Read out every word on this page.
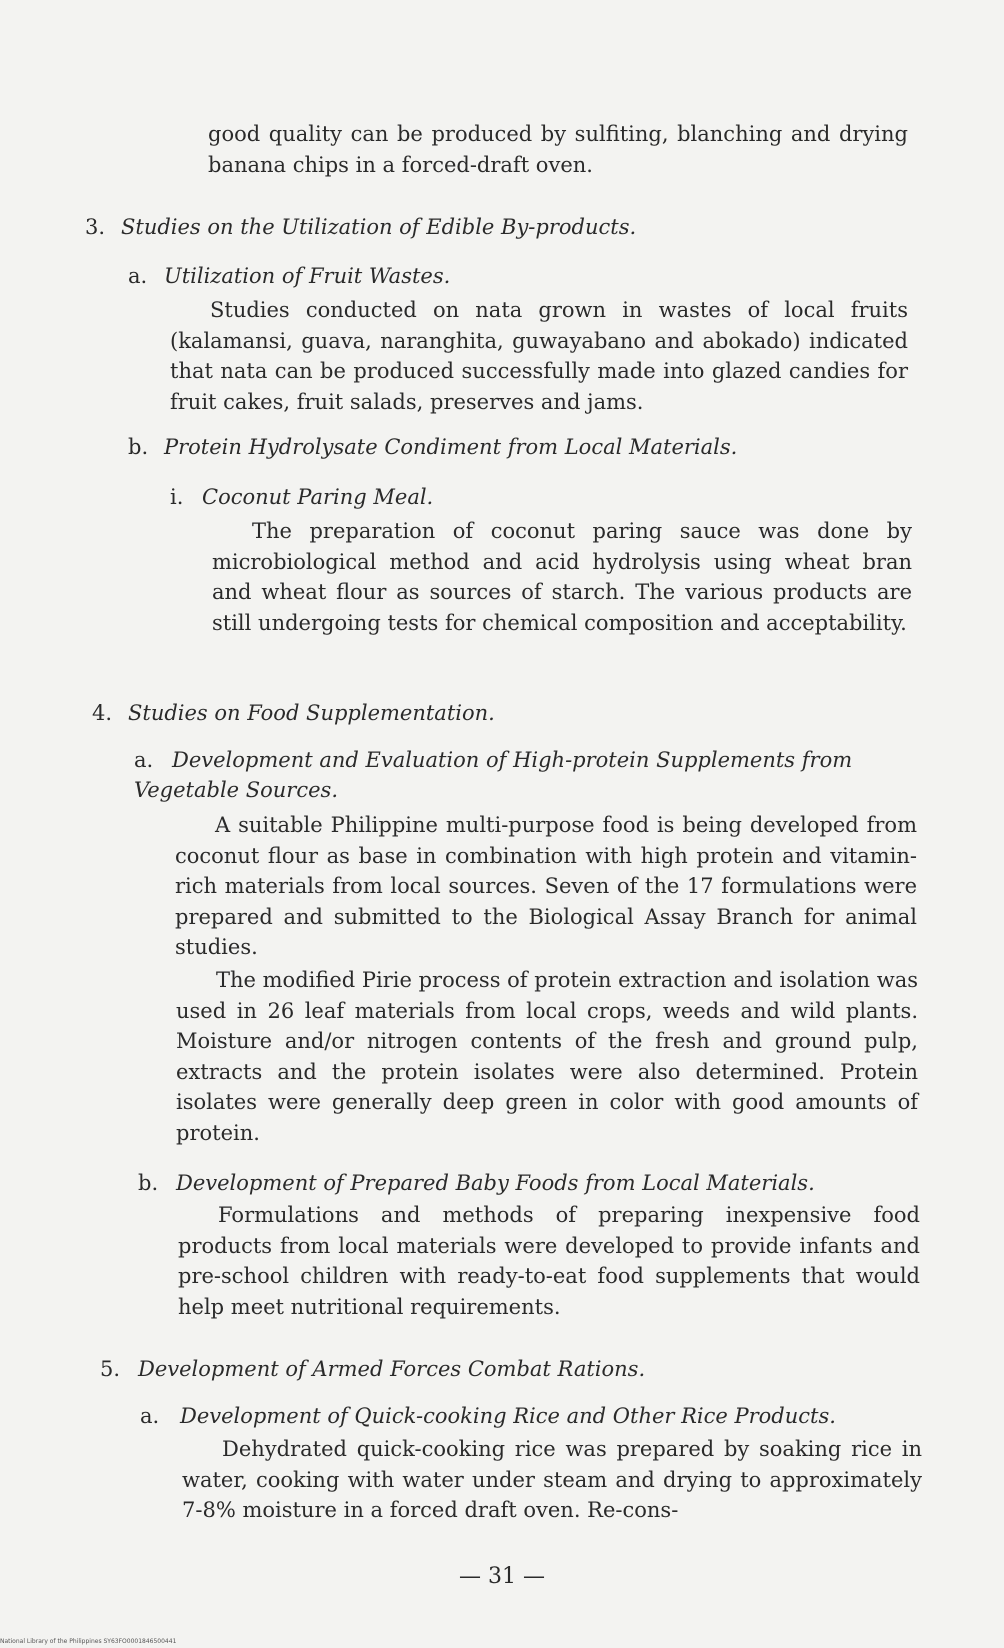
good quality can be produced by sulfiting, blanching and drying banana chips in a forced-draft oven.

3. Studies on the Utilization of Edible By-products.
a. Utilization of Fruit Wastes.

Studies conducted on nata grown in wastes of local fruits (kalamansi, guava, naranghita, guwayabano and abokado) indicated that nata can be produced successfully made into glazed candies for fruit cakes, fruit salads, preserves and jams.

b. Protein Hydrolysate Condiment from Local Materials.
i. Coconut Paring Meal.

The preparation of coconut paring sauce was done by microbiological method and acid hydrolysis using wheat bran and wheat flour as sources of starch. The various products are still undergoing tests for chemical composition and acceptability.

4. Studies on Food Supplementation.
a. Development and Evaluation of High-protein Supplements from Vegetable Sources.

A suitable Philippine multi-purpose food is being developed from coconut flour as base in combination with high protein and vitamin-rich materials from local sources. Seven of the 17 formulations were prepared and submitted to the Biological Assay Branch for animal studies.

The modified Pirie process of protein extraction and isolation was used in 26 leaf materials from local crops, weeds and wild plants. Moisture and/or nitrogen contents of the fresh and ground pulp, extracts and the protein isolates were also determined. Protein isolates were generally deep green in color with good amounts of protein.

b. Development of Prepared Baby Foods from Local Materials.

Formulations and methods of preparing inexpensive food products from local materials were developed to provide infants and pre-school children with ready-to-eat food supplements that would help meet nutritional requirements.

5. Development of Armed Forces Combat Rations.
a. Development of Quick-cooking Rice and Other Rice Products.

Dehydrated quick-cooking rice was prepared by soaking rice in water, cooking with water under steam and drying to approximately 7-8% moisture in a forced draft oven. Re-cons-

— 31 —
National Library of the Philippines SY63FO0001846500441
